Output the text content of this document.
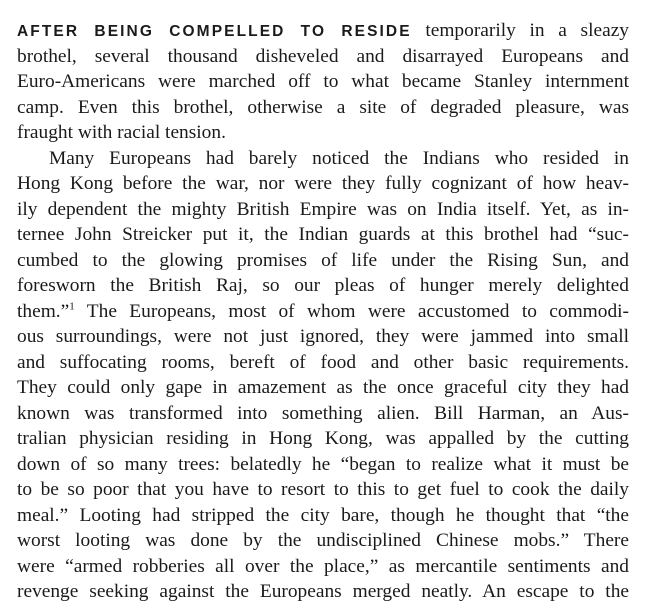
AFTER BEING COMPELLED TO RESIDE temporarily in a sleazy
brothel, several thousand disheveled and disarrayed Europeans and
Euro-Americans were marched off to what became Stanley internment
camp. Even this brothel, otherwise a site of degraded pleasure, was
fraught with racial tension.
Many Europeans had barely noticed the Indians who resided in
Hong Kong before the war, nor were they fully cognizant of how heav-
ily dependent the mighty British Empire was on India itself. Yet, as in-
ternee John Streicker put it, the Indian guards at this brothel had “suc-
cumbed to the glowing promises of life under the Rising Sun, and
foresworn the British Raj, so our pleas of hunger merely delighted
them.”$^1$ The Europeans, most of whom were accustomed to commodi-
ous surroundings, were not just ignored, they were jammed into small
and suffocating rooms, bereft of food and other basic requirements.
They could only gape in amazement as the once graceful city they had
known was transformed into something alien. Bill Harman, an Aus-
tralian physician residing in Hong Kong, was appalled by the cutting
down of so many trees: belatedly he “began to realize what it must be
to be so poor that you have to resort to this to get fuel to cook the daily
meal.” Looting had stripped the city bare, though he thought that “the
worst looting was done by the undisciplined Chinese mobs.” There
were “armed robberies all over the place,” as mercantile sentiments and
revenge seeking against the Europeans merged neatly. An escape to the
